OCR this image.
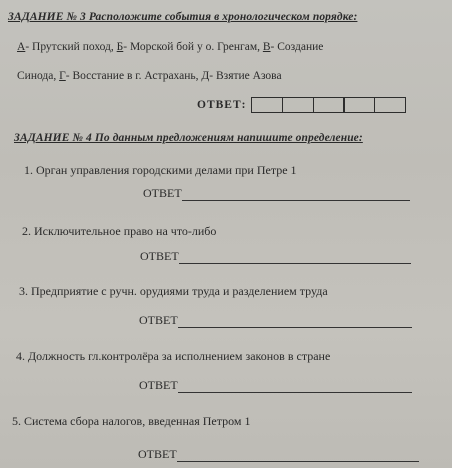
ЗАДАНИЕ № 3 Расположите события в хронологическом порядке:
А- Прутский поход, Б- Морской бой у о. Гренгам, В- Создание
Синода, Г- Восстание в г. Астрахань, Д- Взятие Азова
ОТВЕТ:
ЗАДАНИЕ № 4 По данным предложениям напишите определение:
1. Орган управления городскими делами при Петре 1
ОТВЕТ
2. Исключительное право на что-либо
ОТВЕТ
3. Предприятие с ручн. орудиями труда и разделением труда
ОТВЕТ
4. Должность гл.контролёра за исполнением законов в стране
ОТВЕТ
5. Система сбора налогов, введенная Петром 1
ОТВЕТ
